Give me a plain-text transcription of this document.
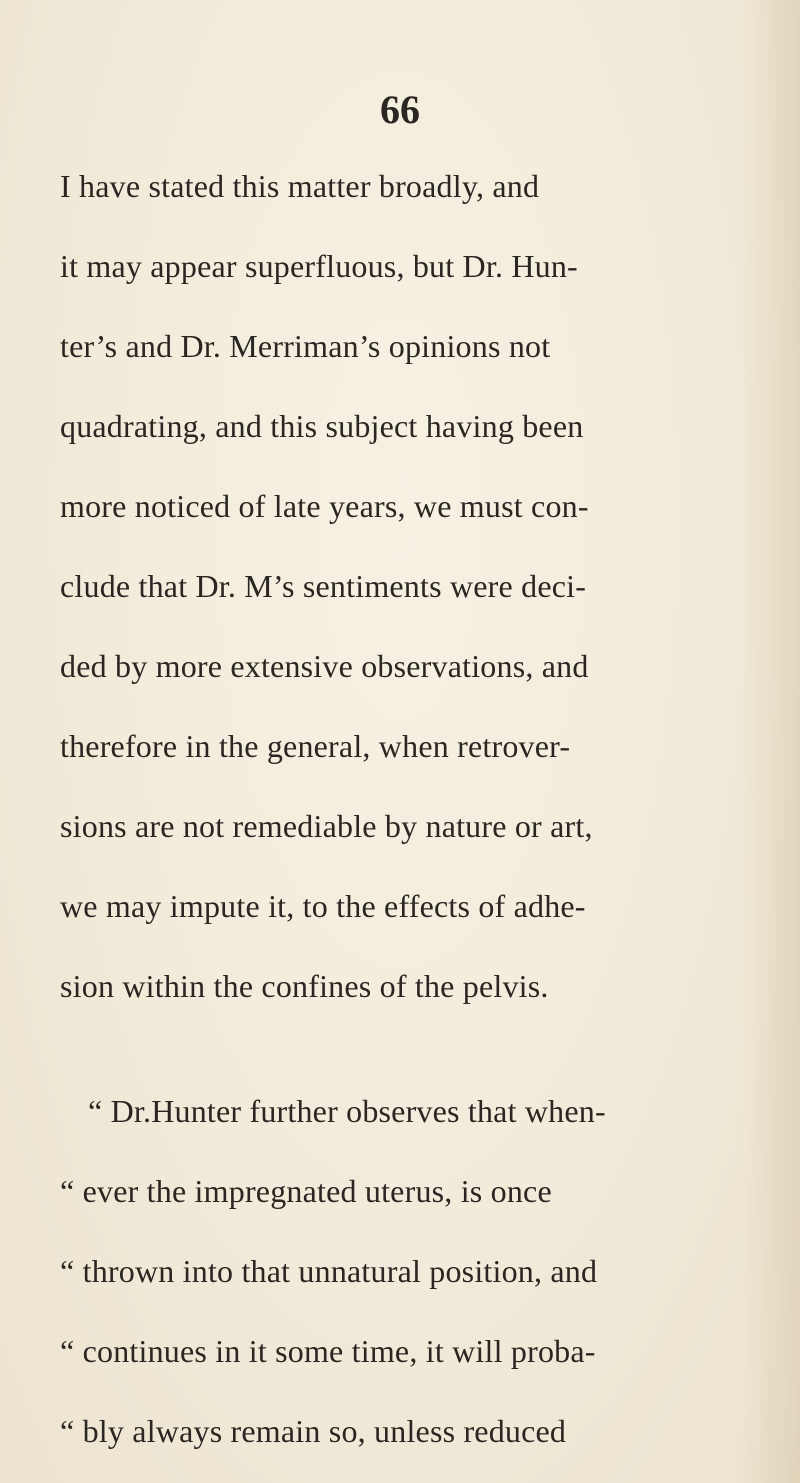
66
I have stated this matter broadly, and
it may appear superfluous, but Dr. Hun-
ter’s and Dr. Merriman’s opinions not
quadrating, and this subject having been
more noticed of late years, we must con-
clude that Dr. M’s sentiments were deci-
ded by more extensive observations, and
therefore in the general, when retrover-
sions are not remediable by nature or art,
we may impute it, to the effects of adhe-
sion within the confines of the pelvis.
“ Dr.Hunter further observes that when-
“ ever the impregnated uterus, is once
“ thrown into that unnatural position, and
“ continues in it some time, it will proba-
“ bly always remain so, unless reduced
